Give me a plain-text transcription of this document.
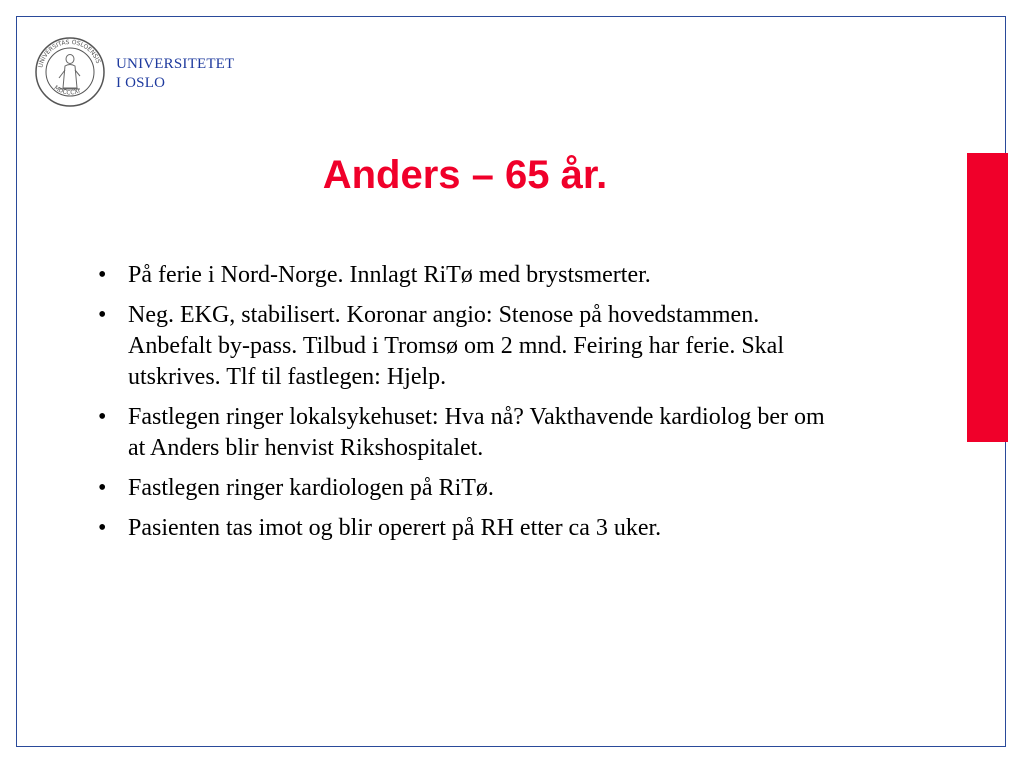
UNIVERSITAS OSLOENSIS
MDCCCXI
UNIVERSITETET
I OSLO
Anders – 65 år.
• På ferie i Nord-Norge. Innlagt RiTø med brystsmerter.
• Neg. EKG, stabilisert. Koronar angio: Stenose på hovedstammen. Anbefalt by-pass. Tilbud i Tromsø om 2 mnd. Feiring har ferie. Skal utskrives. Tlf til fastlegen: Hjelp.
• Fastlegen ringer lokalsykehuset: Hva nå? Vakthavende kardiolog ber om at Anders blir henvist Rikshospitalet.
• Fastlegen ringer kardiologen på RiTø.
• Pasienten tas imot og blir operert på RH etter ca 3 uker.
